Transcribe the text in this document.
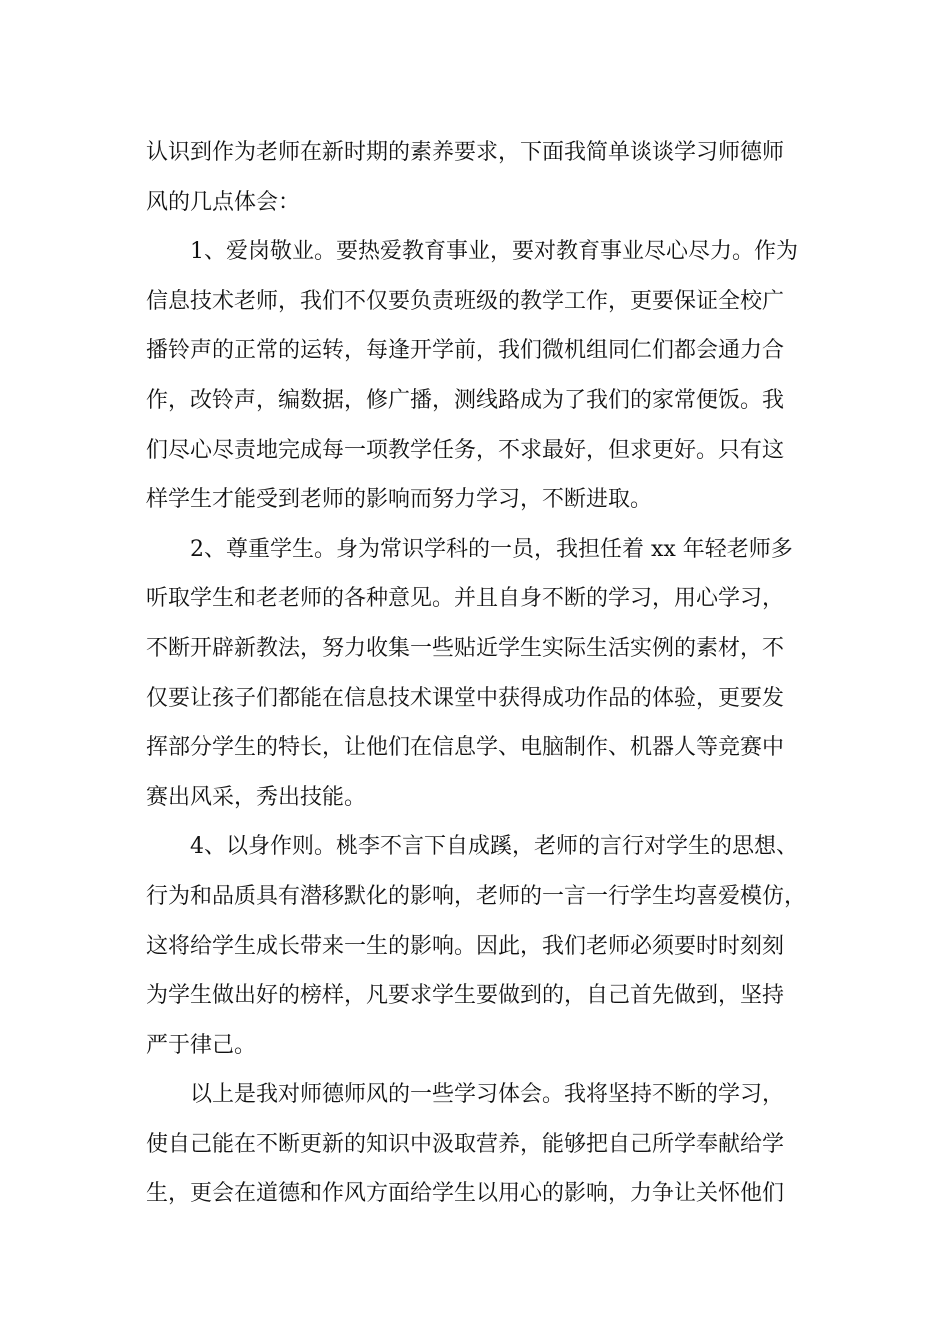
认识到作为老师在新时期的素养要求，下面我简单谈谈学习师德师
风的几点体会：

1、爱岗敬业。要热爱教育事业，要对教育事业尽心尽力。作为
信息技术老师，我们不仅要负责班级的教学工作，更要保证全校广
播铃声的正常的运转，每逢开学前，我们微机组同仁们都会通力合
作，改铃声，编数据，修广播，测线路成为了我们的家常便饭。我
们尽心尽责地完成每一项教学任务，不求最好，但求更好。只有这
样学生才能受到老师的影响而努力学习，不断进取。

2、尊重学生。身为常识学科的一员，我担任着 xx 年轻老师多
听取学生和老老师的各种意见。并且自身不断的学习，用心学习，
不断开辟新教法，努力收集一些贴近学生实际生活实例的素材，不
仅要让孩子们都能在信息技术课堂中获得成功作品的体验，更要发
挥部分学生的特长，让他们在信息学、电脑制作、机器人等竞赛中
赛出风采，秀出技能。

4、以身作则。桃李不言下自成蹊，老师的言行对学生的思想、
行为和品质具有潜移默化的影响，老师的一言一行学生均喜爱模仿，
这将给学生成长带来一生的影响。因此，我们老师必须要时时刻刻
为学生做出好的榜样，凡要求学生要做到的，自己首先做到，坚持
严于律己。

以上是我对师德师风的一些学习体会。我将坚持不断的学习，
使自己能在不断更新的知识中汲取营养，能够把自己所学奉献给学
生，更会在道德和作风方面给学生以用心的影响，力争让关怀他们
